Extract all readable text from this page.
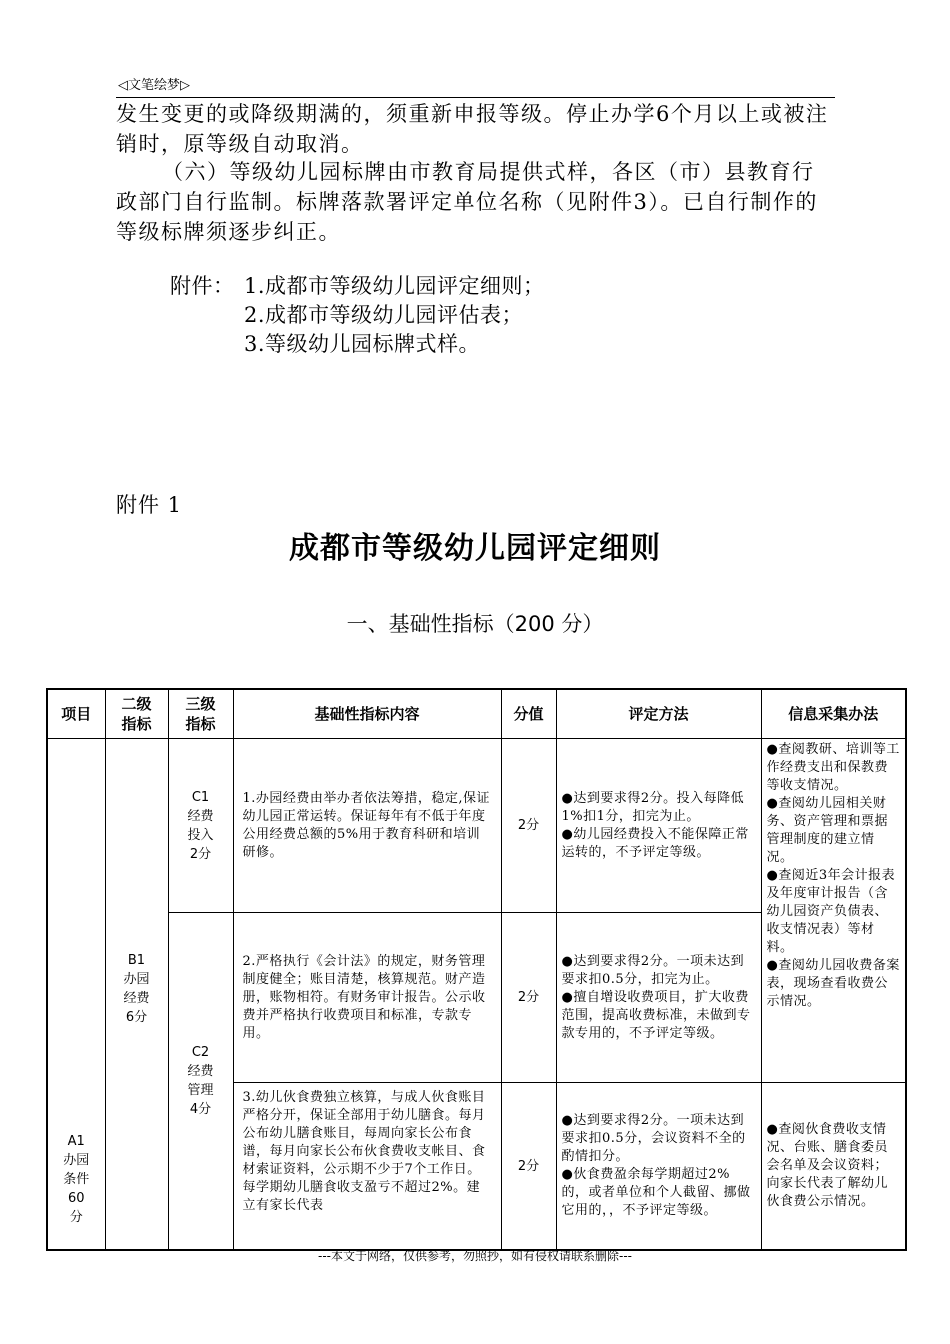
◁文笔绘梦▷

发生变更的或降级期满的，须重新申报等级。停止办学6个月以上或被注销时，原等级自动取消。

（六）等级幼儿园标牌由市教育局提供式样，各区（市）县教育行政部门自行监制。标牌落款署评定单位名称（见附件3）。已自行制作的等级标牌须逐步纠正。

附件： 1.成都市等级幼儿园评定细则；

2.成都市等级幼儿园评估表；

3.等级幼儿园标牌式样。

附件 1
成都市等级幼儿园评定细则
一、基础性指标（200 分）
项目	二级指标	三级指标	基础性指标内容	分值	评定方法	信息采集办法

A1 办园条件 60 分		C1 经费投入 2分	1.办园经费由举办者依法筹措，稳定,保证幼儿园正常运转。保证每年有不低于年度公用经费总额的5%用于教育科研和培训研修。	2分	●达到要求得2分。投入每降低1%扣1分，扣完为止。
●幼儿园经费投入不能保障正常运转的，不予评定等级。	●查阅教研、培训等工作经费支出和保教费等收支情况。
●查阅幼儿园相关财务、资产管理和票据管理制度的建立情况。
●查阅近3年会计报表及年度审计报告（含幼儿园资产负债表、收支情况表）等材料。
●查阅幼儿园收费备案表，现场查看收费公示情况。

	B1 办园经费 6分	C2 经费管理 4分	2.严格执行《会计法》的规定，财务管理制度健全；账目清楚，核算规范。财产造册，账物相符。有财务审计报告。公示收费并严格执行收费项目和标准，专款专用。	2分	●达到要求得2分。一项未达到要求扣0.5分，扣完为止。
●擅自增设收费项目，扩大收费范围，提高收费标准，未做到专款专用的，不予评定等级。	

			3.幼儿伙食费独立核算，与成人伙食账目严格分开，保证全部用于幼儿膳食。每月公布幼儿膳食账目，每周向家长公布食谱，每月向家长公布伙食费收支帐目、食材索证资料，公示期不少于7个工作日。每学期幼儿膳食收支盈亏不超过2%。建立有家长代表	2分	●达到要求得2分。一项未达到要求扣0.5分，会议资料不全的酌情扣分。
●伙食费盈余每学期超过2%的，或者单位和个人截留、挪做它用的，，不予评定等级。	●查阅伙食费收支情况、台账、膳食委员会名单及会议资料；向家长代表了解幼儿伙食费公示情况。
---本文于网络，仅供参考，勿照抄，如有侵权请联系删除---
